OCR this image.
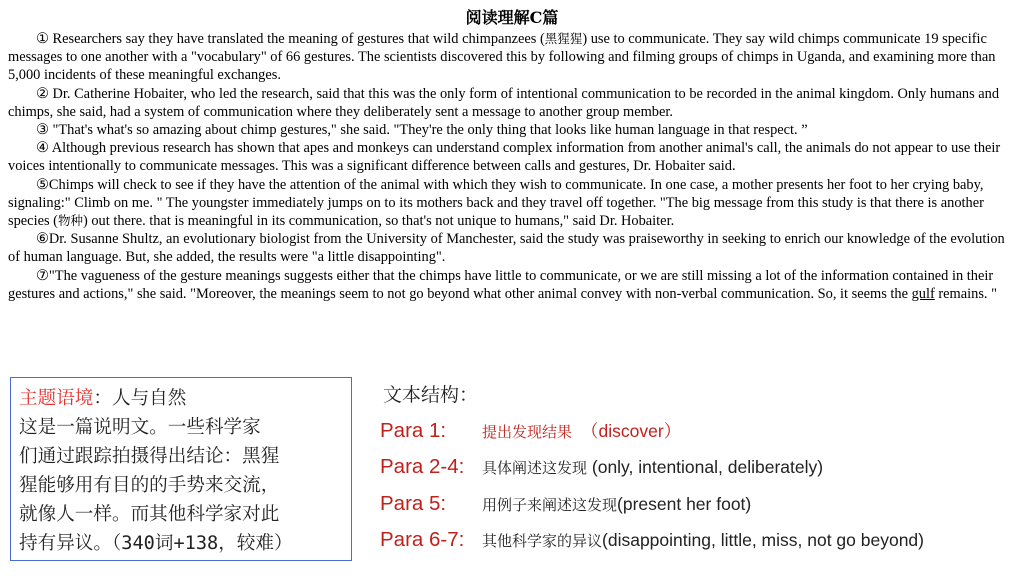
阅读理解C篇

① Researchers say they have translated the meaning of gestures that wild chimpanzees (黑猩猩) use to communicate. They say wild chimps communicate 19 specific messages to one another with a "vocabulary" of 66 gestures. The scientists discovered this by following and filming groups of chimps in Uganda, and examining more than 5,000 incidents of these meaningful exchanges.

② Dr. Catherine Hobaiter, who led the research, said that this was the only form of intentional communication to be recorded in the animal kingdom. Only humans and chimps, she said, had a system of communication where they deliberately sent a message to another group member.

③ "That's what's so amazing about chimp gestures," she said. "They're the only thing that looks like human language in that respect. ”

④ Although previous research has shown that apes and monkeys can understand complex information from another animal's call, the animals do not appear to use their voices intentionally to communicate messages. This was a significant difference between calls and gestures, Dr. Hobaiter said.

⑤Chimps will check to see if they have the attention of the animal with which they wish to communicate. In one case, a mother presents her foot to her crying baby, signaling:" Climb on me. " The youngster immediately jumps on to its mothers back and they travel off together. "The big message from this study is that there is another species (物种) out there. that is meaningful in its communication, so that's not unique to humans," said Dr. Hobaiter.

⑥Dr. Susanne Shultz, an evolutionary biologist from the University of Manchester, said the study was praiseworthy in seeking to enrich our knowledge of the evolution of human language. But, she added, the results were "a little disappointing".

⑦"The vagueness of the gesture meanings suggests either that the chimps have little to communicate, or we are still missing a lot of the information contained in their gestures and actions," she said. "Moreover, the meanings seem to not go beyond what other animal convey with non-verbal communication. So, it seems the gulf remains. "

主题语境：人与自然
这是一篇说明文。一些科学家
们通过跟踪拍摄得出结论：黑猩
猩能够用有目的的手势来交流，
就像人一样。而其他科学家对此
持有异议。（340词+138，较难）
文本结构：
Para 1: 提出发现结果 （discover）
Para 2-4: 具体阐述这发现 (only, intentional, deliberately)
Para 5: 用例子来阐述这发现(present her foot)
Para 6-7: 其他科学家的异议(disappointing, little, miss, not go beyond)
